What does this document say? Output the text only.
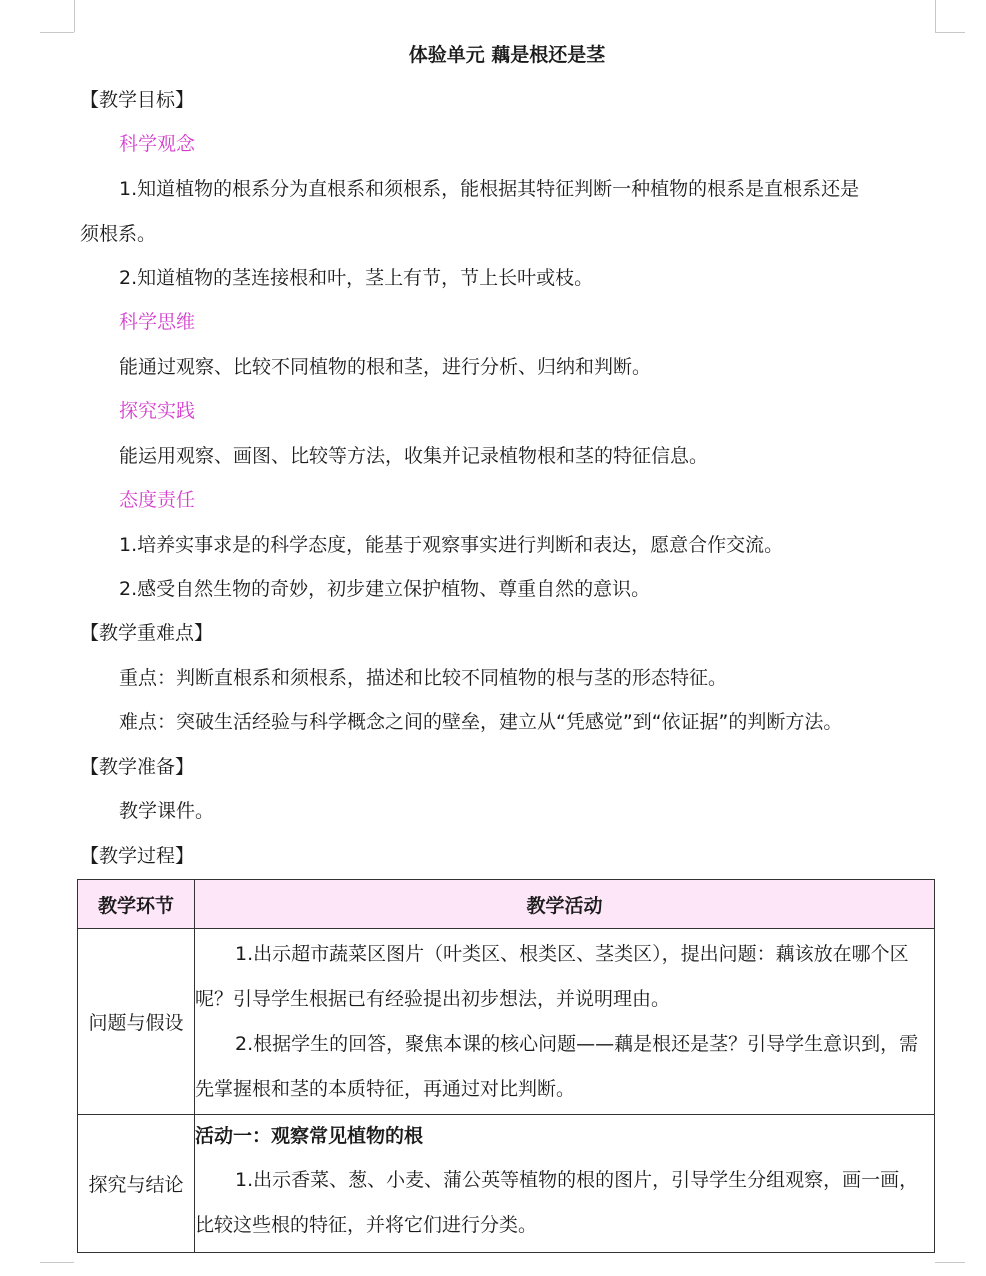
体验单元 藕是根还是茎
【教学目标】
科学观念
1.知道植物的根系分为直根系和须根系，能根据其特征判断一种植物的根系是直根系还是
须根系。
2.知道植物的茎连接根和叶，茎上有节，节上长叶或枝。
科学思维
能通过观察、比较不同植物的根和茎，进行分析、归纳和判断。
探究实践
能运用观察、画图、比较等方法，收集并记录植物根和茎的特征信息。
态度责任
1.培养实事求是的科学态度，能基于观察事实进行判断和表达，愿意合作交流。
2.感受自然生物的奇妙，初步建立保护植物、尊重自然的意识。
【教学重难点】
重点：判断直根系和须根系，描述和比较不同植物的根与茎的形态特征。
难点：突破生活经验与科学概念之间的壁垒，建立从“凭感觉”到“依证据”的判断方法。
【教学准备】
教学课件。
【教学过程】
教学环节	教学活动
问题与假设	1.出示超市蔬菜区图片（叶类区、根类区、茎类区），提出问题：藕该放在哪个区呢？引导学生根据已有经验提出初步想法，并说明理由。
2.根据学生的回答，聚焦本课的核心问题——藕是根还是茎？引导学生意识到，需先掌握根和茎的本质特征，再通过对比判断。

探究与结论	活动一：观察常见植物的根
1.出示香菜、葱、小麦、蒲公英等植物的根的图片，引导学生分组观察，画一画，比较这些根的特征，并将它们进行分类。
